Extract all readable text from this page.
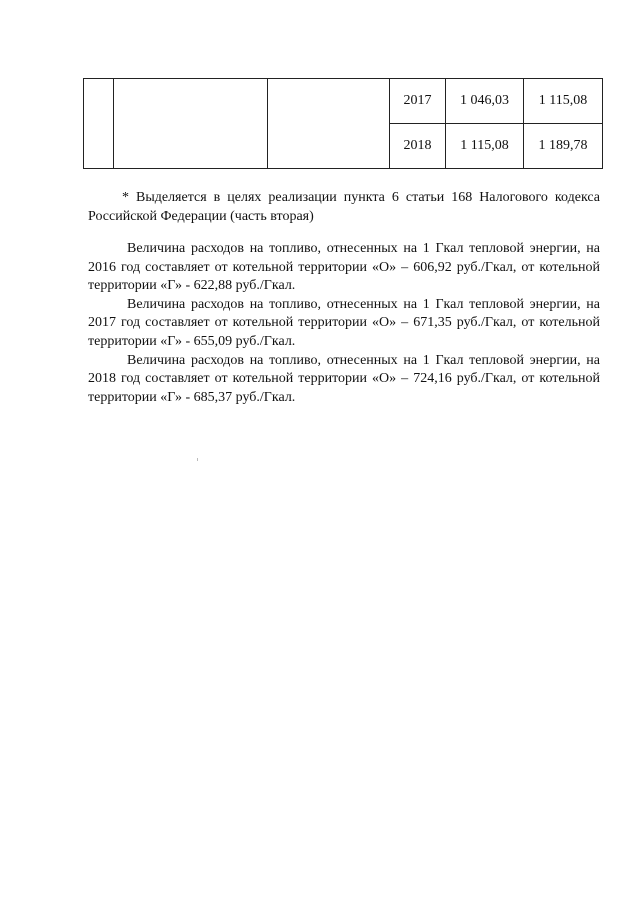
			2017	1 046,03	1 115,08
			2018	1 115,08	1 189,78

* Выделяется в целях реализации пункта 6 статьи 168 Налогового кодекса Российской Федерации (часть вторая)

Величина расходов на топливо, отнесенных на 1 Гкал тепловой энергии, на 2016 год составляет от котельной территории «О» – 606,92 руб./Гкал, от котельной территории «Г» - 622,88 руб./Гкал.

Величина расходов на топливо, отнесенных на 1 Гкал тепловой энергии, на 2017 год составляет от котельной территории «О» – 671,35 руб./Гкал, от котельной территории «Г» - 655,09 руб./Гкал.

Величина расходов на топливо, отнесенных на 1 Гкал тепловой энергии, на 2018 год составляет от котельной территории «О» – 724,16 руб./Гкал, от котельной территории «Г» - 685,37 руб./Гкал.
